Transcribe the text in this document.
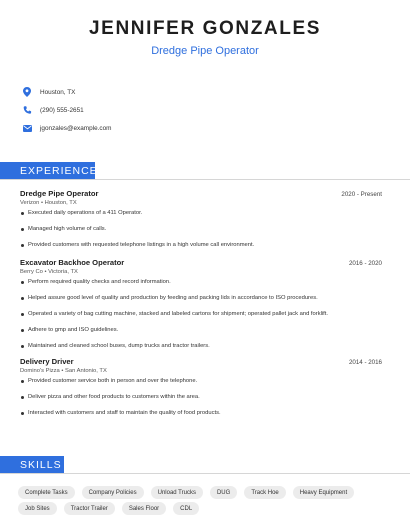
JENNIFER GONZALES
Dredge Pipe Operator
Houston, TX
(290) 555-2651
jgonzales@example.com
EXPERIENCE
Dredge Pipe Operator	2020 - Present
Verizon • Houston, TX
Executed daily operations of a 411 Operator.
Managed high volume of calls.
Provided customers with requested telephone listings in a high volume call environment.
Excavator Backhoe Operator	2016 - 2020
Berry Co • Victoria, TX
Perform required quality checks and record information.
Helped assure good level of quality and production by feeding and packing lids in accordance to ISO procedures.
Operated a variety of bag cutting machine, stacked and labeled cartons for shipment; operated pallet jack and forklift.
Adhere to gmp and ISO guidelines.
Maintained and cleaned school buses, dump trucks and tractor trailers.
Delivery Driver	2014 - 2016
Domino's Pizza • San Antonio, TX
Provided customer service both in person and over the telephone.
Deliver pizza and other food products to customers within the area.
Interacted with customers and staff to maintain the quality of food products.
SKILLS
Complete Tasks	Company Policies	Unload Trucks	DUG	Track Hoe	Heavy Equipment
Job Sites	Tractor Trailer	Sales Floor	CDL
